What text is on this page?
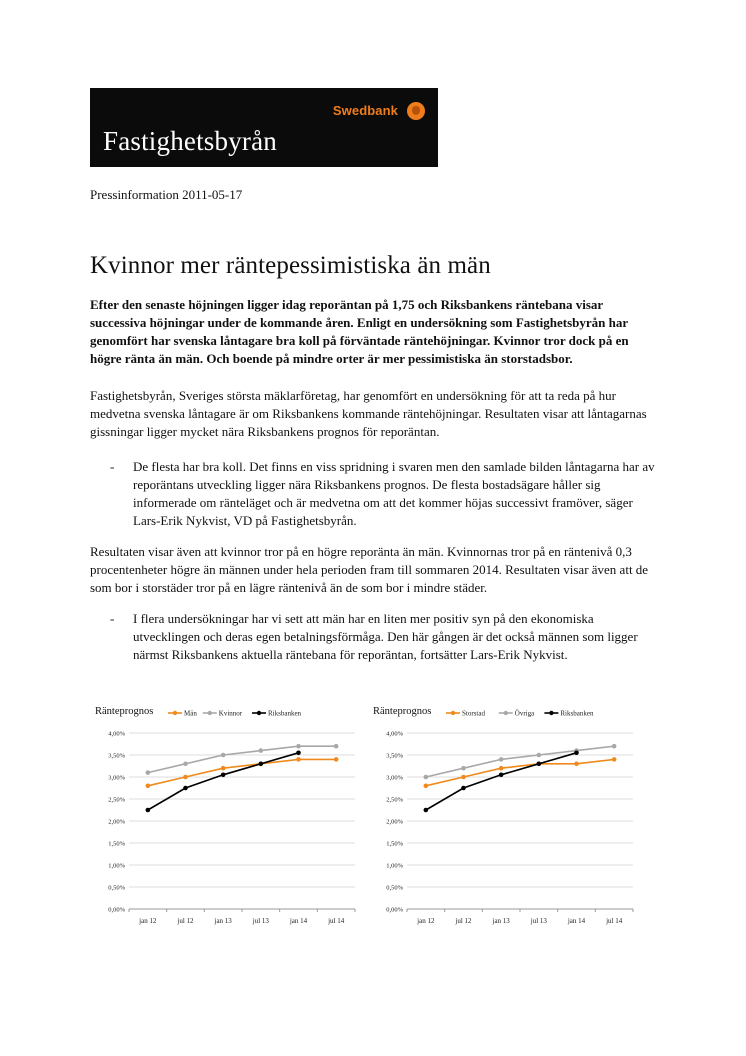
Swedbank
Fastighetsbyrån
Pressinformation 2011-05-17
Kvinnor mer räntepessimistiska än män

Efter den senaste höjningen ligger idag reporäntan på 1,75 och Riksbankens räntebana visar successiva höjningar under de kommande åren. Enligt en undersökning som Fastighetsbyrån har genomfört har svenska låntagare bra koll på förväntade räntehöjningar. Kvinnor tror dock på en högre ränta än män. Och boende på mindre orter är mer pessimistiska än storstadsbor.

Fastighetsbyrån, Sveriges största mäklarföretag, har genomfört en undersökning för att ta reda på hur medvetna svenska låntagare är om Riksbankens kommande räntehöjningar. Resultaten visar att låntagarnas gissningar ligger mycket nära Riksbankens prognos för reporäntan.

- De flesta har bra koll. Det finns en viss spridning i svaren men den samlade bilden låntagarna har av reporäntans utveckling ligger nära Riksbankens prognos. De flesta bostadsägare håller sig informerade om ränteläget och är medvetna om att det kommer höjas successivt framöver, säger Lars-Erik Nykvist, VD på Fastighetsbyrån.

Resultaten visar även att kvinnor tror på en högre reporänta än män. Kvinnornas tror på en räntenivå 0,3 procentenheter högre än männen under hela perioden fram till sommaren 2014. Resultaten visar även att de som bor i storstäder tror på en lägre räntenivå än de som bor i mindre städer.

- I flera undersökningar har vi sett att män har en liten mer positiv syn på den ekonomiska utvecklingen och deras egen betalningsförmåga. Den här gången är det också männen som ligger närmst Riksbankens aktuella räntebana för reporäntan, fortsätter Lars-Erik Nykvist.

Ränteprognos
0,00%
0,50%
1,00%
1,50%
2,00%
2,50%
3,00%
3,50%
4,00%
jan 12	jul 12	jan 13	jul 13	jan 14	jul 14
Män	Kvinnor	Riksbanken	Ränteprognos
0,00%
0,50%
1,00%
1,50%
2,00%
2,50%
3,00%
3,50%
4,00%
jan 12	jul 12	jan 13	jul 13	jan 14	jul 14
Storstad	Övriga	Riksbanken
